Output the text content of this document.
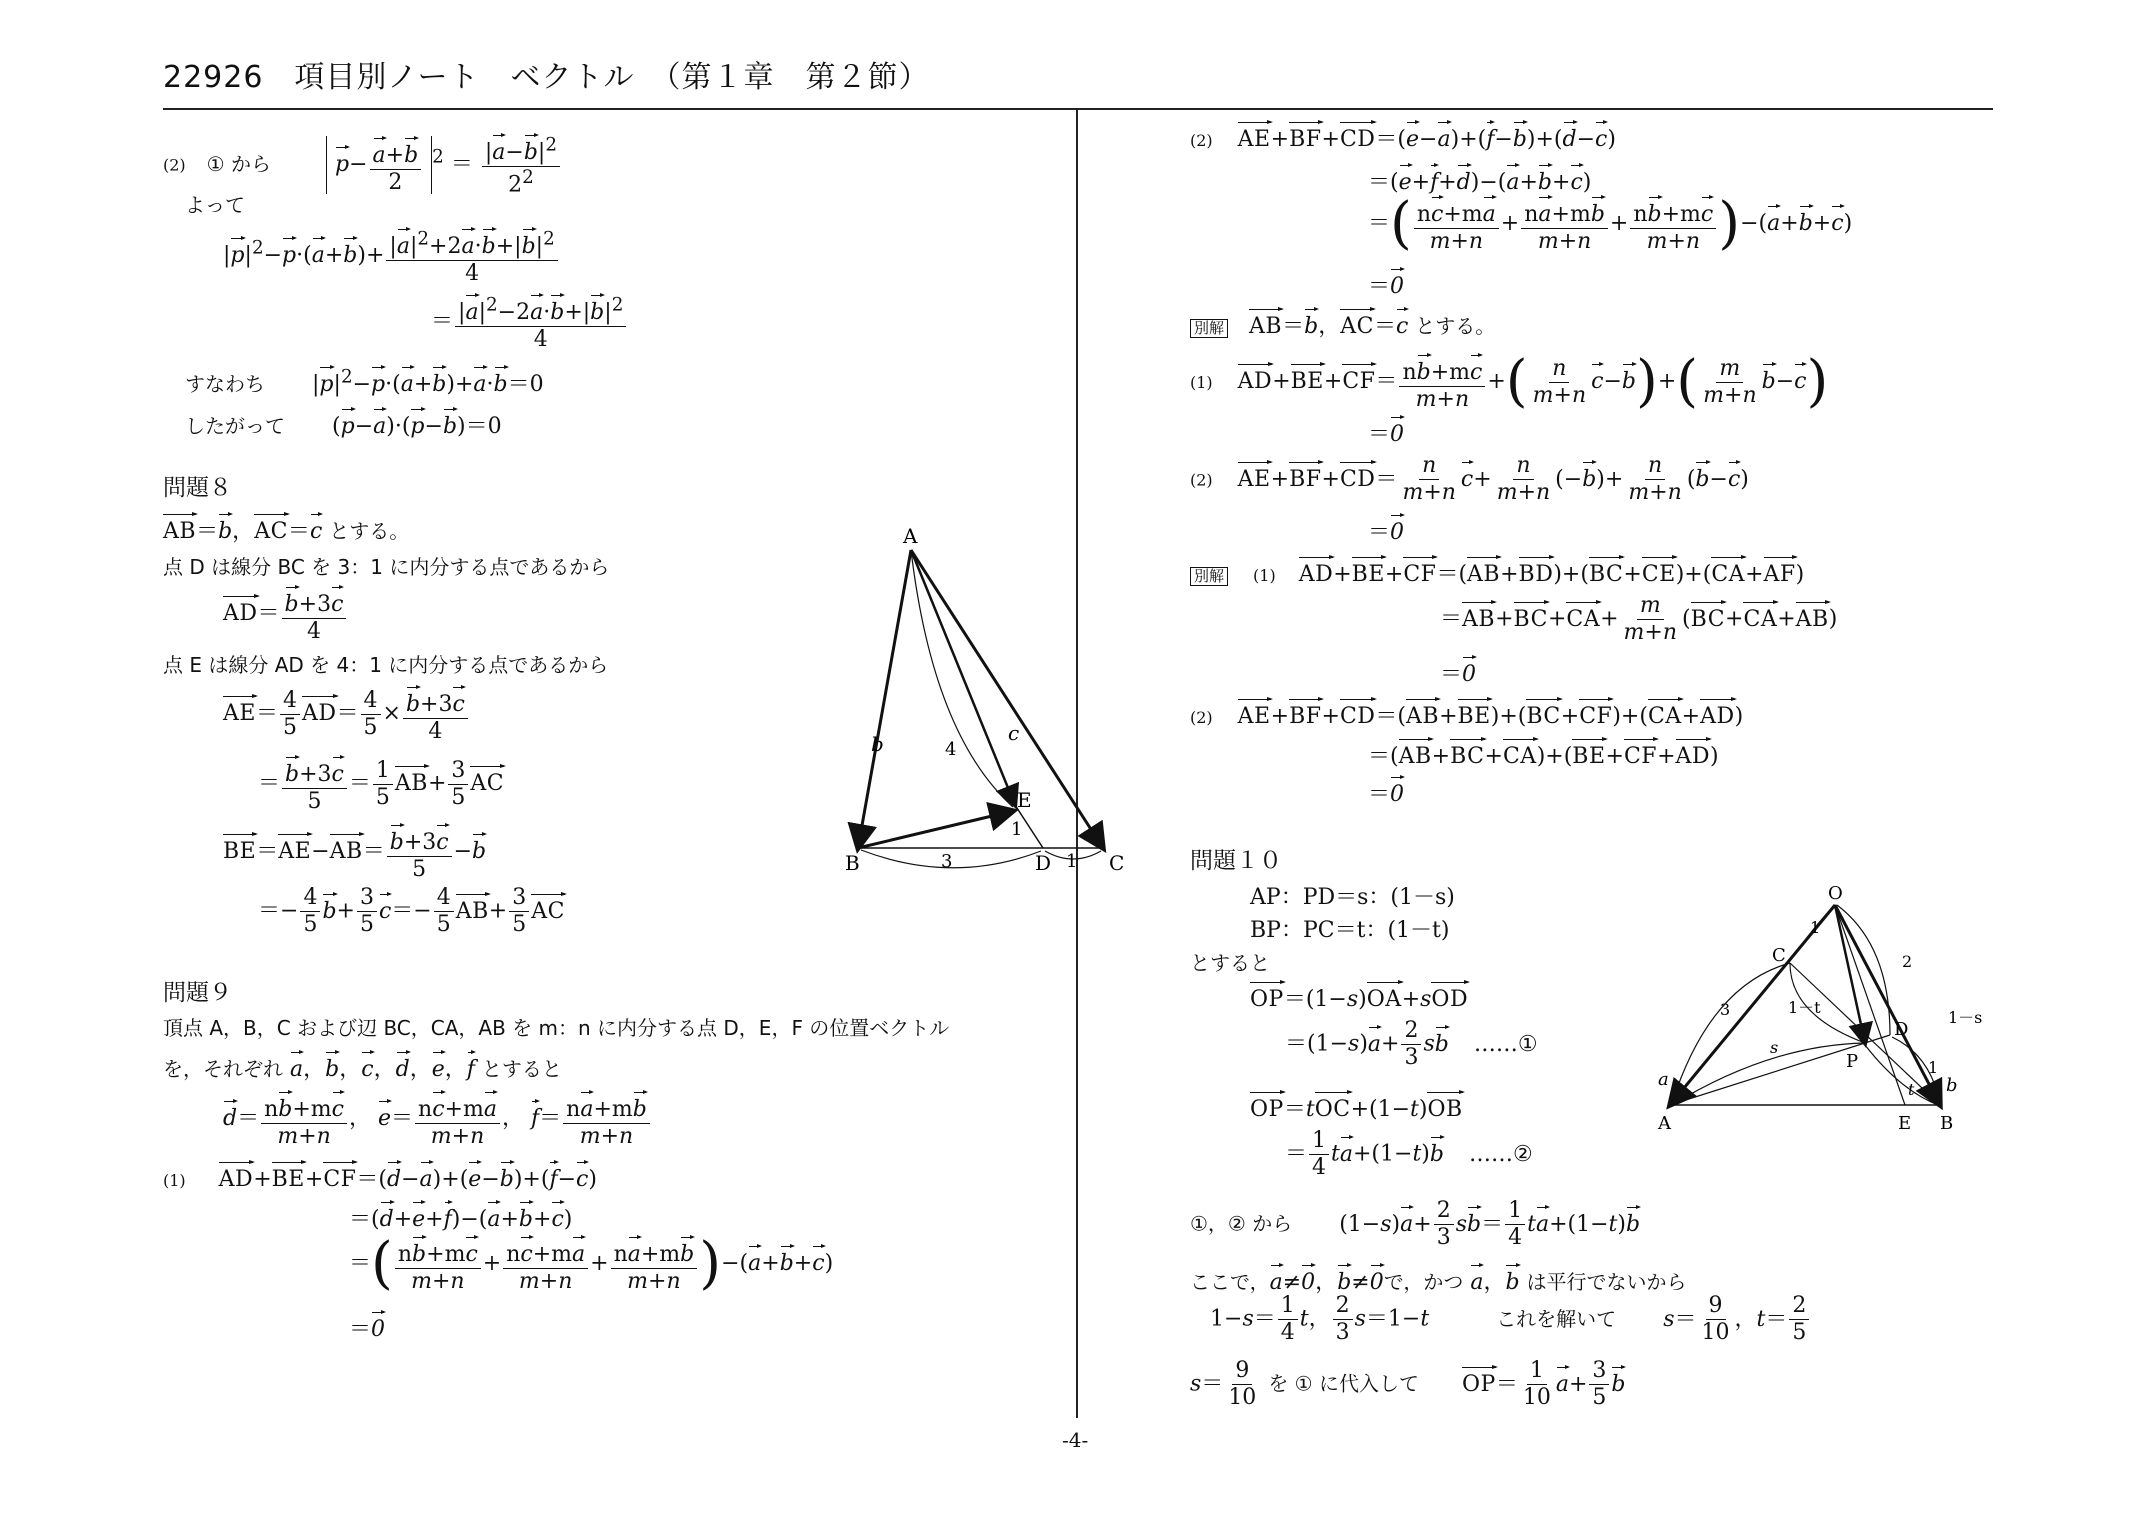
22926　項目別ノート　ベクトル　（第１章　第２節）
-4-
(2) ① から	$p- \frac{a+b}{2} ^2 = \frac{|a-b|^2}{2^2}$
よって
$|p|^2-p\cdot(a+b)+ \frac{|a|^2+2a\cdot b+|b|^2}{4}$
＝ $\frac{|a|^2-2a\cdot b+|b|^2}{4}$
すなわち $|p|^2-p\cdot(a+b)+a\cdot b=0$
したがって (p−a)·(p−b)＝0
問題８
AB＝b，AC＝c とする。
点 D は線分 BC を 3：1 に内分する点であるから
$AD= \frac{b+3c}{4}$
点 E は線分 AD を 4：1 に内分する点であるから
$AE= \frac{4}{5} AD= \frac{4}{5} \times \frac{b+3c}{4}$
＝ $\frac{b+3c}{5} = \frac{1}{5} AB+ \frac{3}{5}$ AC
$BE=AE-AB= \frac{b+3c}{5} -b$
＝− $\frac{4}{5} b+ \frac{3}{5} c=- \frac{4}{5} AB+ \frac{3}{5}$ AC
A
B	C
D
E
b	c
4
1
3	1
問題９
頂点 A，B，C および辺 BC，CA，AB を m：n に内分する点 D，E，F の位置ベクトル
を，それぞれ a，b，c，d，e，f とすると
$d= \frac{nb+mc}{m+n}$ ， $e= \frac{nc+ma}{m+n}$ ， $f= \frac{na+mb}{m+n}$
(1) AD+BE+CF＝(d−a)+(e−b)+(f−c)
＝(d+e+f)−(a+b+c)
＝( $\frac{nb+mc}{m+n} + \frac{nc+ma}{m+n} + \frac{na+mb}{m+n} )-(a+b+c)$
＝0
(2) AE+BF+CD＝(e−a)+(f−b)+(d−c)
＝(e+f+d)−(a+b+c)
＝( $\frac{nc+ma}{m+n} + \frac{na+mb}{m+n} + \frac{nb+mc}{m+n} )-(a+b+c)$
＝0
別解 AB＝b，AC＝c とする。
(1) $AD+BE+CF= \frac{nb+mc}{m+n}$ +( $\frac{n}{m+n} c-b)+( \frac{m}{m+n} b-c)$
＝0
(2) $AE+BF+CD= \frac{n}{m+n} c+ \frac{n}{m+n} (-b)+ \frac{n}{m+n} (b-c)$
＝0
別解 (1) AD+BE+CF＝(AB+BD)+(BC+CE)+(CA+AF)
$=AB+BC+CA+ \frac{m}{m+n} (BC+CA+AB)$
＝0
(2) AE+BF+CD＝(AB+BE)+(BC+CF)+(CA+AD)
＝(AB+BC+CA)+(BE+CF+AD)
＝0
問題１０
AP：PD＝s：(1－s)
BP：PC＝t：(1－t)
とすると
OP＝(1−s)OA+sOD
$=(1-s)a+ \frac{2}{3}$ sb ……①
OP＝tOC+(1−t)OB
＝ $\frac{1}{4} ta+(1-t)b$ ……②
①，② から $(1-s)a+ \frac{2}{3} sb= \frac{1}{4} ta+(1-t)b$
ここで，a≠0，b≠0で，かつ a，b は平行でないから
$1-s= \frac{1}{4}$ t， $\frac{2}{3} s=1-t$	これを解いて $s= \frac{9}{10}$ ，$t= \frac{2}{5}$
$s= \frac{9}{10}$ を ① に代入して $OP= \frac{1}{10} a+ \frac{3}{5}$ b
O
A	B
C
D
E
P
a	b
s
t
1－t
1－s
1
2
3
1
